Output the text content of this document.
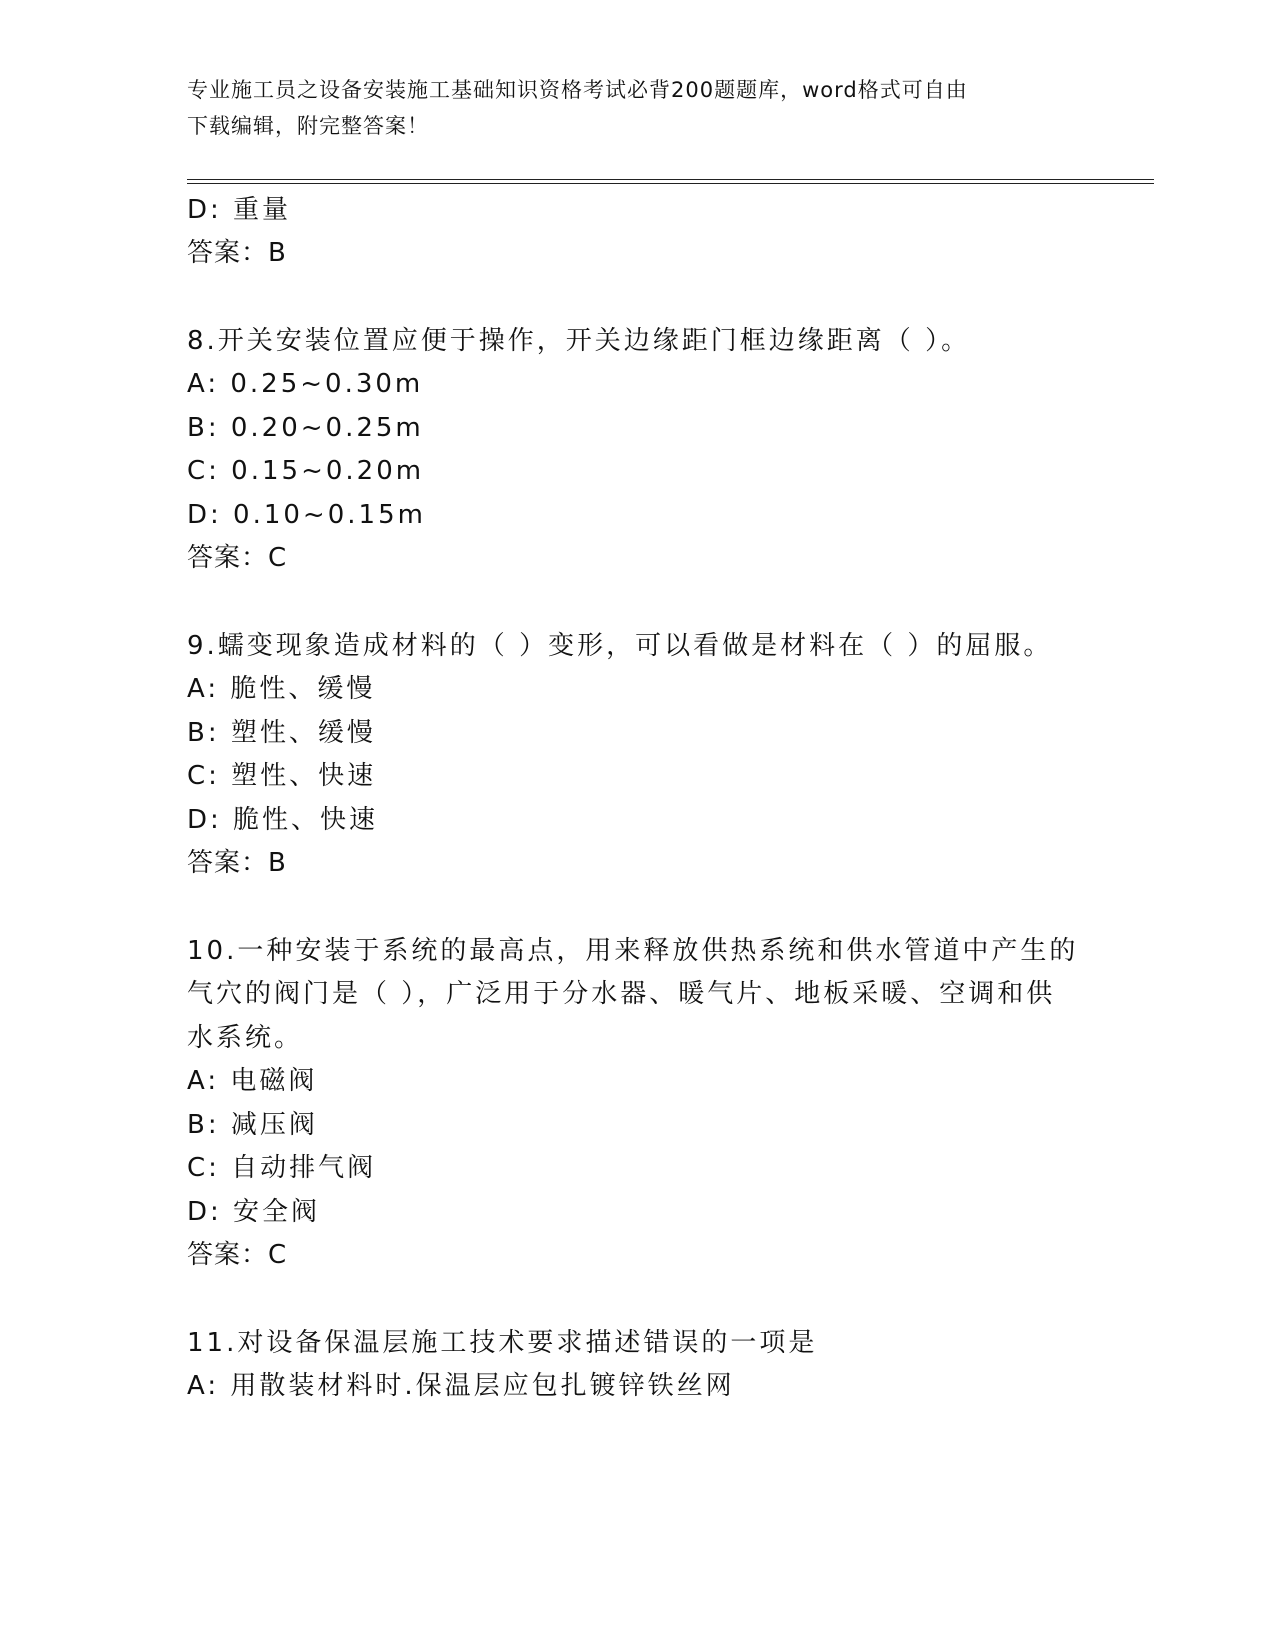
专业施工员之设备安装施工基础知识资格考试必背200题题库，word格式可自由
下载编辑，附完整答案！
D: 重量
答案：B
8.开关安装位置应便于操作，开关边缘距门框边缘距离（ ）。
A: 0.25~0.30m
B: 0.20~0.25m
C: 0.15~0.20m
D: 0.10~0.15m
答案：C
9.蠕变现象造成材料的（ ）变形，可以看做是材料在（ ）的屈服。
A: 脆性、缓慢
B: 塑性、缓慢
C: 塑性、快速
D: 脆性、快速
答案：B
10.一种安装于系统的最高点，用来释放供热系统和供水管道中产生的
气穴的阀门是（ ），广泛用于分水器、暖气片、地板采暖、空调和供
水系统。
A: 电磁阀
B: 减压阀
C: 自动排气阀
D: 安全阀
答案：C
11.对设备保温层施工技术要求描述错误的一项是
A: 用散装材料时.保温层应包扎镀锌铁丝网
